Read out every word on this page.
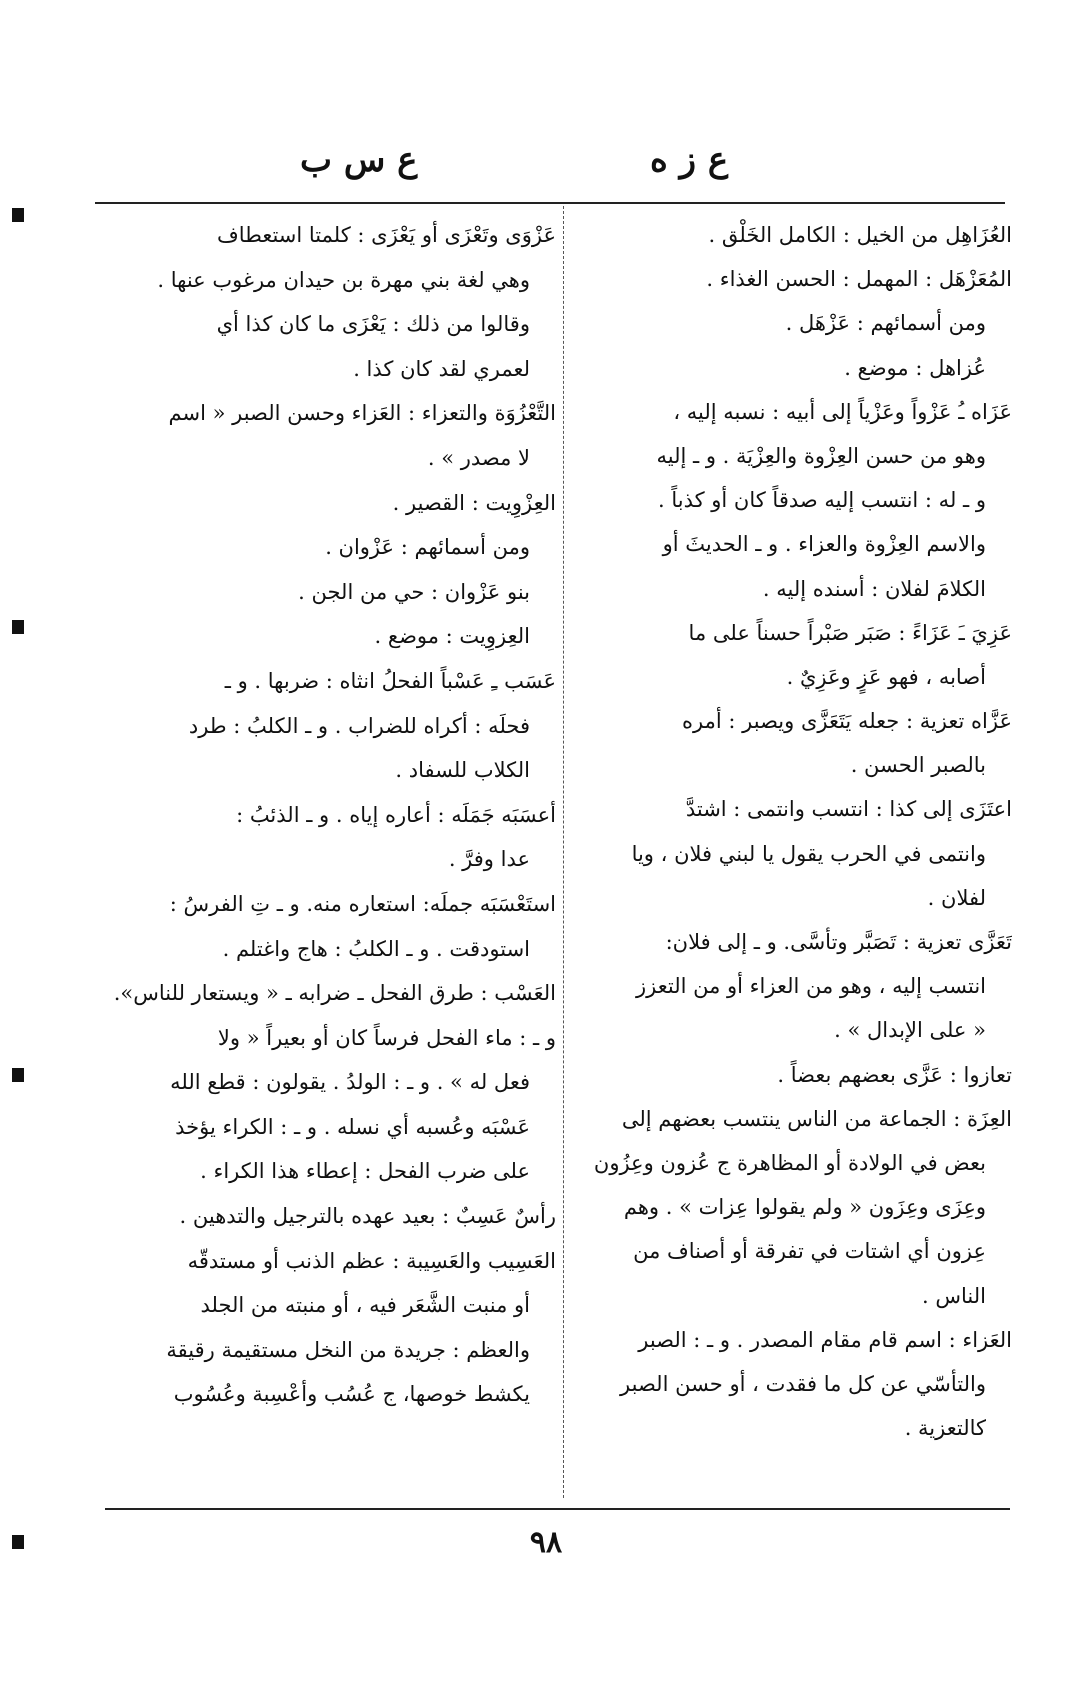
ع ز ه
ع س ب
العُزَاهِل من الخيل : الكامل الخَلْق .
المُعَزْهَل : المهمل : الحسن الغذاء .
ومن أسمائهم : عَزْهَل .
عُزاهل : موضع .
عَزَاه ـُ عَزْواً وعَزْياً إلى أبيه : نسبه إليه ،
وهو من حسن العِزْوة والعِزْيَة . و ـ إليه
و ـ له : انتسب إليه صدقاً كان أو كذباً .
والاسم العِزْوة والعزاء . و ـ الحديثَ أو
الكلامَ لفلان : أسنده إليه .
عَزِيَ ـَ عَزَاءً : صَبَر صَبْراً حسناً على ما
أصابه ، فهو عَزٍ وعَزِيٌ .
عَزَّاه تعزية : جعله يَتَعَزَّى ويصبر : أمره
بالصبر الحسن .
اعتَزَى إلى كذا : انتسب وانتمى : اشتدَّ
وانتمى في الحرب يقول يا لبني فلان ، ويا
لفلان .
تَعَزَّى تعزية : تَصَبَّر وتأسَّى. و ـ إلى فلان:
انتسب إليه ، وهو من العزاء أو من التعزز
« على الإبدال » .
تعازوا : عَزَّى بعضهم بعضاً .
العِزَة : الجماعة من الناس ينتسب بعضهم إلى
بعض في الولادة أو المظاهرة ج عُزون وعِزُون
وعِزَى وعِزَون « ولم يقولوا عِزات » . وهم
عِزون أي اشتات في تفرقة أو أصناف من
الناس .
العَزاء : اسم قام مقام المصدر . و ـ : الصبر
والتأسّي عن كل ما فقدت ، أو حسن الصبر
كالتعزية .
عَزْوَى وتَعْزَى أو يَعْزَى : كلمتا استعطاف
وهي لغة بني مهرة بن حيدان مرغوب عنها .
وقالوا من ذلك : يَعْزَى ما كان كذا أي
لعمري لقد كان كذا .
التَّعْزُوَة والتعزاء : العَزاء وحسن الصبر « اسم
لا مصدر » .
العِزْوِيت : القصير .
ومن أسمائهم : عَزْوان .
بنو عَزْوان : حي من الجن .
العِزوِيت : موضع .
عَسَب ـِ عَسْباً الفحلُ انثاه : ضربها . و ـ
فحلَه : أكراه للضراب . و ـ الكلبُ : طرد
الكلاب للسفاد .
أعسَبَه جَمَلَه : أعاره إياه . و ـ الذئبُ :
عدا وفرَّ .
استَعْسَبَه جملَه: استعاره منه. و ـ تِ الفرسُ :
استودقت . و ـ الكلبُ : هاج واغتلم .
العَسْب : طرق الفحل ـ ضرابه ـ « ويستعار للناس».
و ـ : ماء الفحل فرساً كان أو بعيراً « ولا
فعل له » . و ـ : الولدُ . يقولون : قطع الله
عَسْبَه وعُسبه أي نسله . و ـ : الكراء يؤخذ
على ضرب الفحل : إعطاء هذا الكراء .
رأسٌ عَسِبٌ : بعيد عهده بالترجيل والتدهين .
العَسِيب والعَسِيبة : عظم الذنب أو مستدقّه
أو منبت الشَّعَر فيه ، أو منبته من الجلد
والعظم : جريدة من النخل مستقيمة رقيقة
يكشط خوصها، ج عُسُب وأعْسِبة وعُسُوب
٩٨
